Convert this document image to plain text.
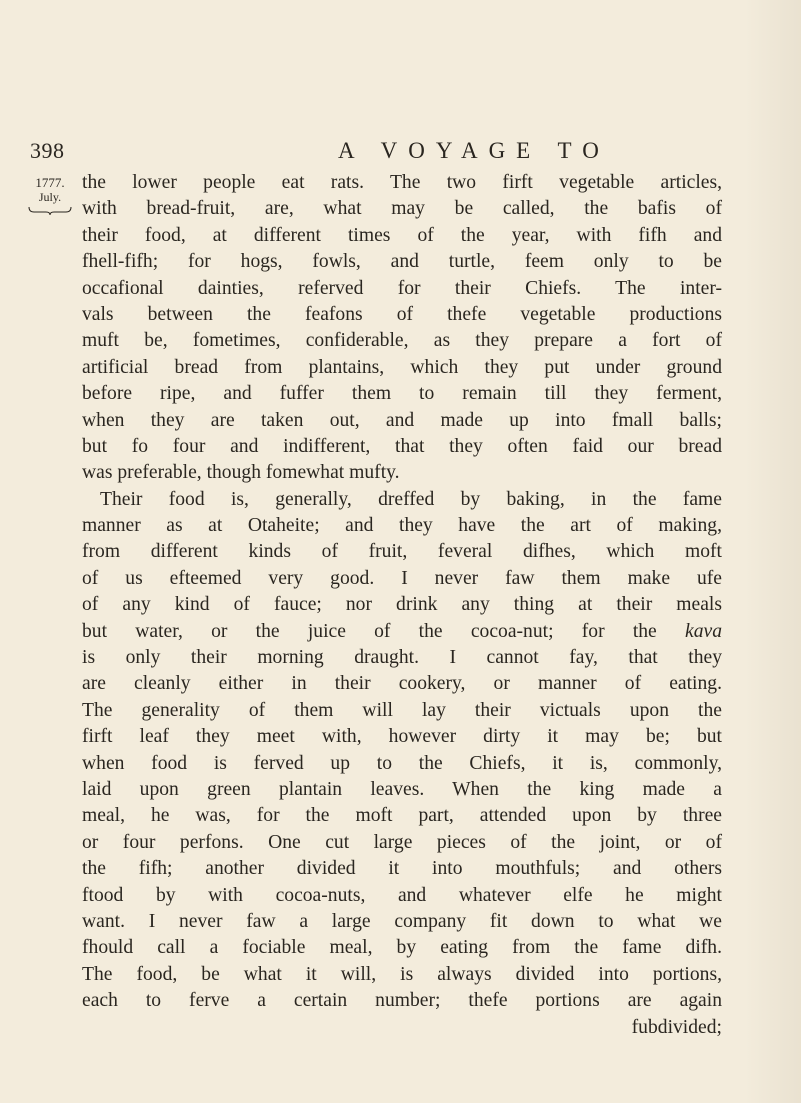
398	A VOYAGE TO
1777.
July.
the lower people eat rats. The two firft vegetable articles,
with bread-fruit, are, what may be called, the bafis of
their food, at different times of the year, with fifh and
fhell-fifh; for hogs, fowls, and turtle, feem only to be
occafional dainties, referved for their Chiefs. The inter-
vals between the feafons of thefe vegetable productions
muft be, fometimes, confiderable, as they prepare a fort of
artificial bread from plantains, which they put under ground
before ripe, and fuffer them to remain till they ferment,
when they are taken out, and made up into fmall balls;
but fo four and indifferent, that they often faid our bread
was preferable, though fomewhat mufty.
Their food is, generally, dreffed by baking, in the fame
manner as at Otaheite; and they have the art of making,
from different kinds of fruit, feveral difhes, which moft
of us efteemed very good. I never faw them make ufe
of any kind of fauce; nor drink any thing at their meals
but water, or the juice of the cocoa-nut; for the kava
is only their morning draught. I cannot fay, that they
are cleanly either in their cookery, or manner of eating.
The generality of them will lay their victuals upon the
firft leaf they meet with, however dirty it may be; but
when food is ferved up to the Chiefs, it is, commonly,
laid upon green plantain leaves. When the king made a
meal, he was, for the moft part, attended upon by three
or four perfons. One cut large pieces of the joint, or of
the fifh; another divided it into mouthfuls; and others
ftood by with cocoa-nuts, and whatever elfe he might
want. I never faw a large company fit down to what we
fhould call a fociable meal, by eating from the fame difh.
The food, be what it will, is always divided into portions,
each to ferve a certain number; thefe portions are again
fubdivided;
